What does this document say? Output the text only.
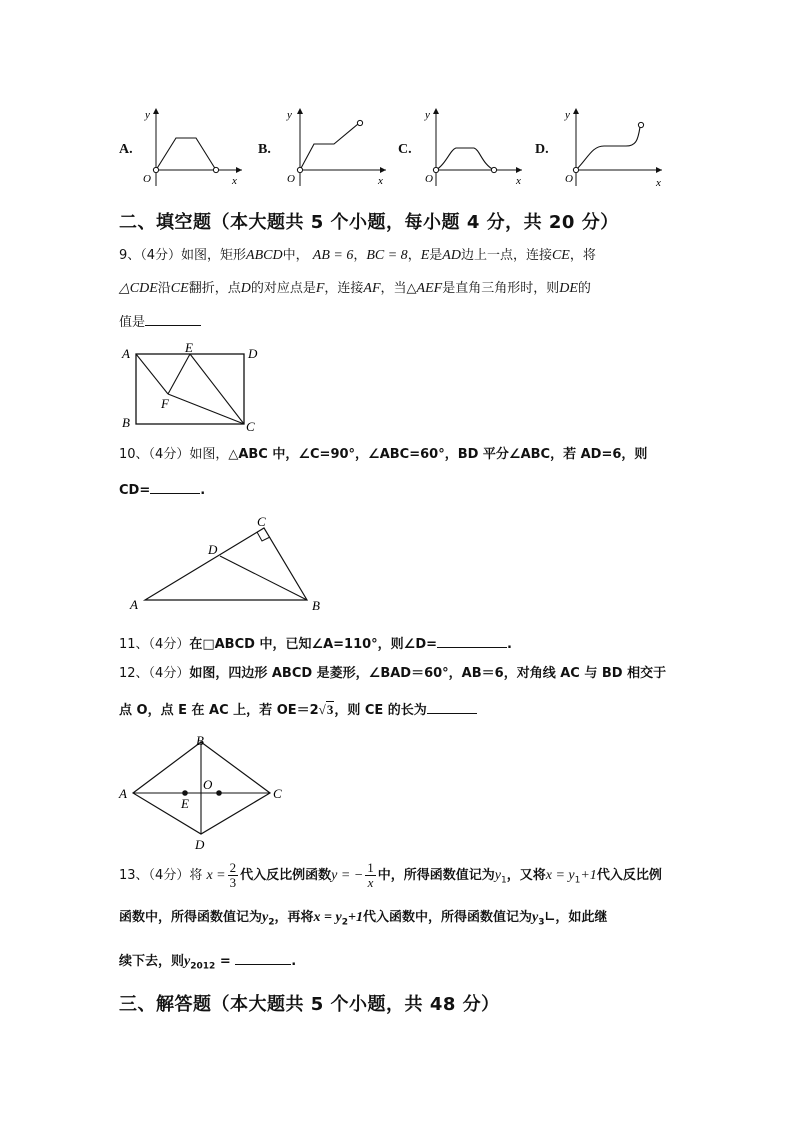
A.
O	x
y
B.
O	x
y
C.
O	x
y
D.
O	x
y
二、填空题（本大题共 5 个小题，每小题 4 分，共 20 分）
9、（4分）如图，矩形ABCD中， AB = 6，BC = 8，E是AD边上一点，连接CE，将
△CDE沿CE翻折，点D的对应点是F，连接AF，当△AEF是直角三角形时，则DE的
值是
A
B	C
D
E
F
10、（4分）如图，△ABC 中，∠C=90°，∠ABC=60°，BD 平分∠ABC，若 AD=6，则
CD=	.
A	B
C
D
11、（4分）在□ABCD 中，已知∠A=110°，则∠D=	.
12、（4分）如图，四边形 ABCD 是菱形，∠BAD＝60°，AB＝6，对角线 AC 与 BD 相交于
点 O，点 E 在 AC 上，若 OE＝2√3，则 CE 的长为
A
B
C
D
E
O
13、（4分）将 $x = \frac{2}{3}$ 代入反比例函数y = − $\frac{1}{x}$ 中，所得函数值记为$y_1$，又将$x = y_1+1$代入反比例
函数中，所得函数值记为$y_2$，再将$x = y_2+1$代入函数中，所得函数值记为$y_3∟$，如此继
续下去，则$y_{2012}$ =	.
三、解答题（本大题共 5 个小题，共 48 分）
